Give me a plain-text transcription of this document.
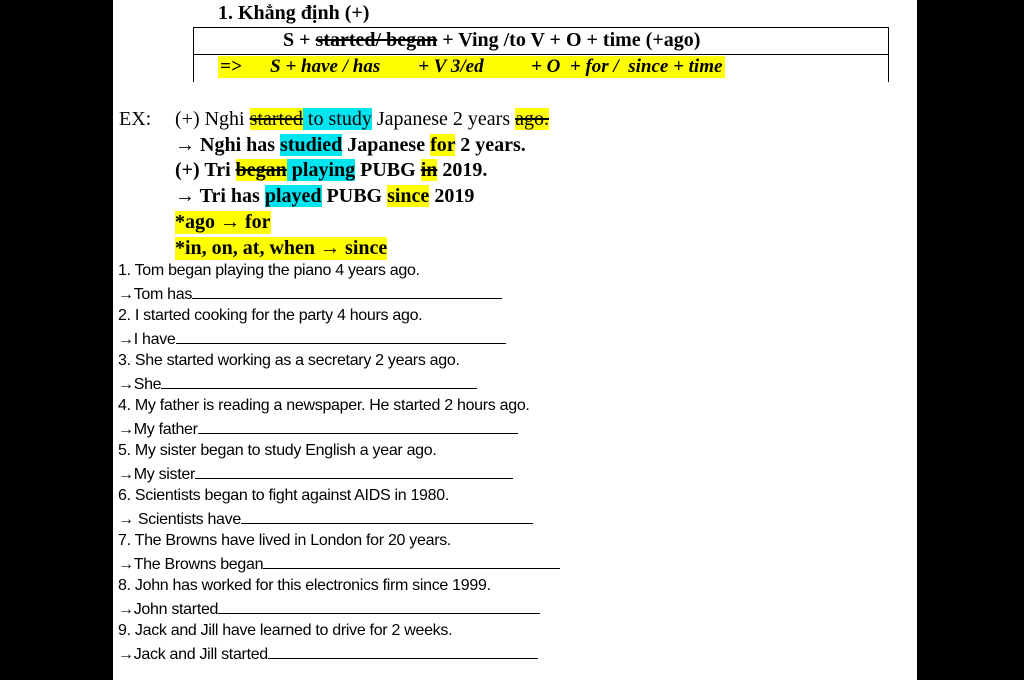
1. Khẳng định (+)
S + started/ began + Ving /to V + O + time (+ago)
=>      S + have / has        + V 3/ed          + O  + for /  since + time
EX: (+) Nghi started to study Japanese 2 years ago.
→ Nghi has studied Japanese for 2 years.
(+) Tri began playing PUBG in 2019.
→ Tri has played PUBG since 2019
*ago → for
*in, on, at, when → since
1. Tom began playing the piano 4 years ago.
→Tom has
2. I started cooking for the party 4 hours ago.
→I have
3. She started working as a secretary 2 years ago.
→She
4. My father is reading a newspaper. He started 2 hours ago.
→My father
5. My sister began to study English a year ago.
→My sister
6. Scientists began to fight against AIDS in 1980.
→ Scientists have
7. The Browns have lived in London for 20 years.
→The Browns began
8. John has worked for this electronics firm since 1999.
→John started
9. Jack and Jill have learned to drive for 2 weeks.
→Jack and Jill started
